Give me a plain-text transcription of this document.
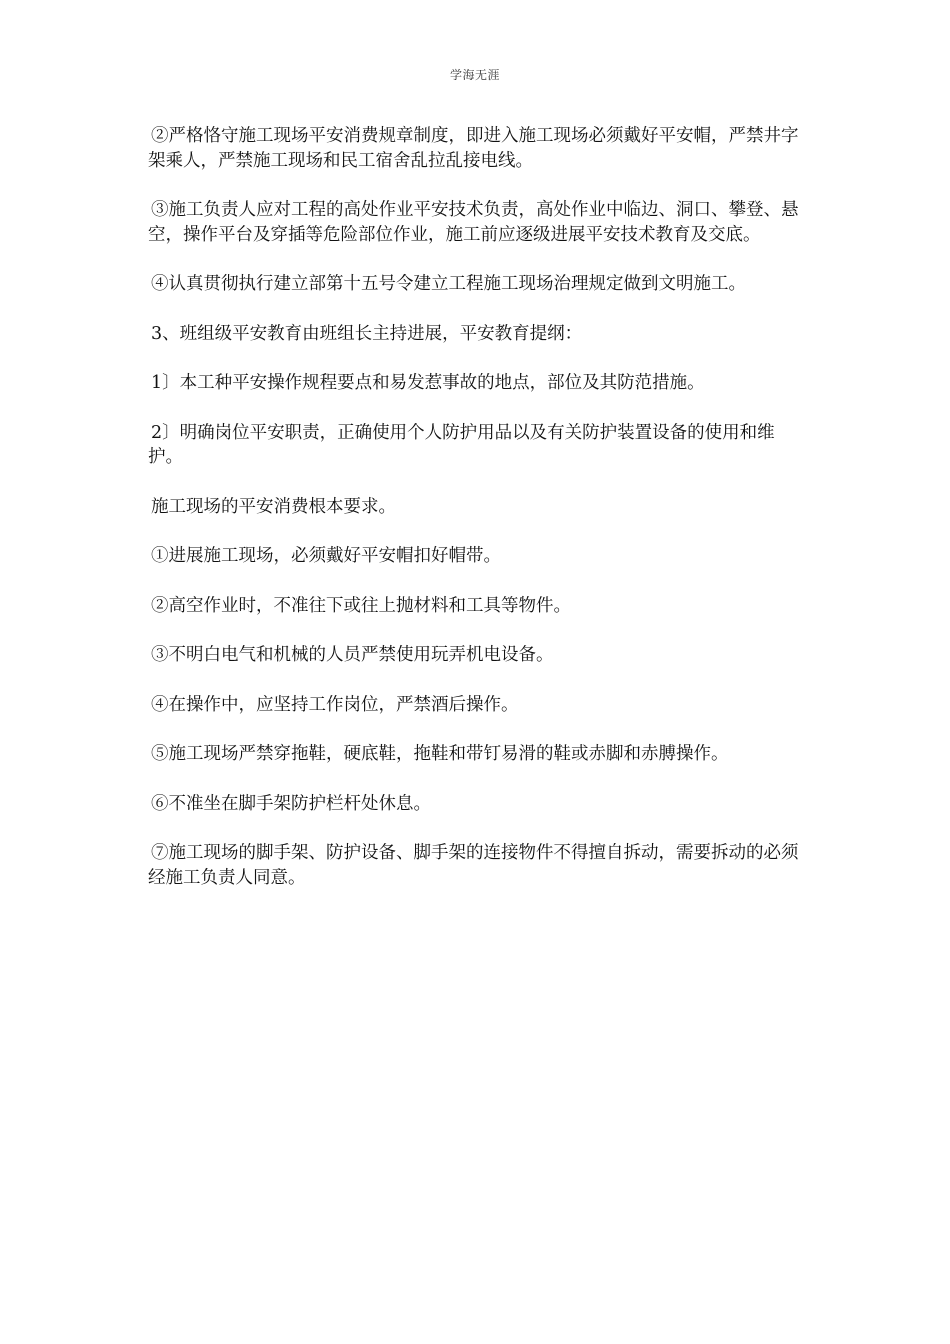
学海无涯

②严格恪守施工现场平安消费规章制度，即进入施工现场必须戴好平安帽，严禁井字架乘人，严禁施工现场和民工宿舍乱拉乱接电线。

③施工负责人应对工程的高处作业平安技术负责，高处作业中临边、洞口、攀登、悬空，操作平台及穿插等危险部位作业，施工前应逐级进展平安技术教育及交底。

④认真贯彻执行建立部第十五号令建立工程施工现场治理规定做到文明施工。

3、班组级平安教育由班组长主持进展，平安教育提纲：

1〕本工种平安操作规程要点和易发惹事故的地点，部位及其防范措施。

2〕明确岗位平安职责，正确使用个人防护用品以及有关防护装置设备的使用和维护。

施工现场的平安消费根本要求。

①进展施工现场，必须戴好平安帽扣好帽带。

②高空作业时，不准往下或往上抛材料和工具等物件。

③不明白电气和机械的人员严禁使用玩弄机电设备。

④在操作中，应坚持工作岗位，严禁酒后操作。

⑤施工现场严禁穿拖鞋，硬底鞋，拖鞋和带钉易滑的鞋或赤脚和赤膊操作。

⑥不准坐在脚手架防护栏杆处休息。

⑦施工现场的脚手架、防护设备、脚手架的连接物件不得擅自拆动，需要拆动的必须经施工负责人同意。
